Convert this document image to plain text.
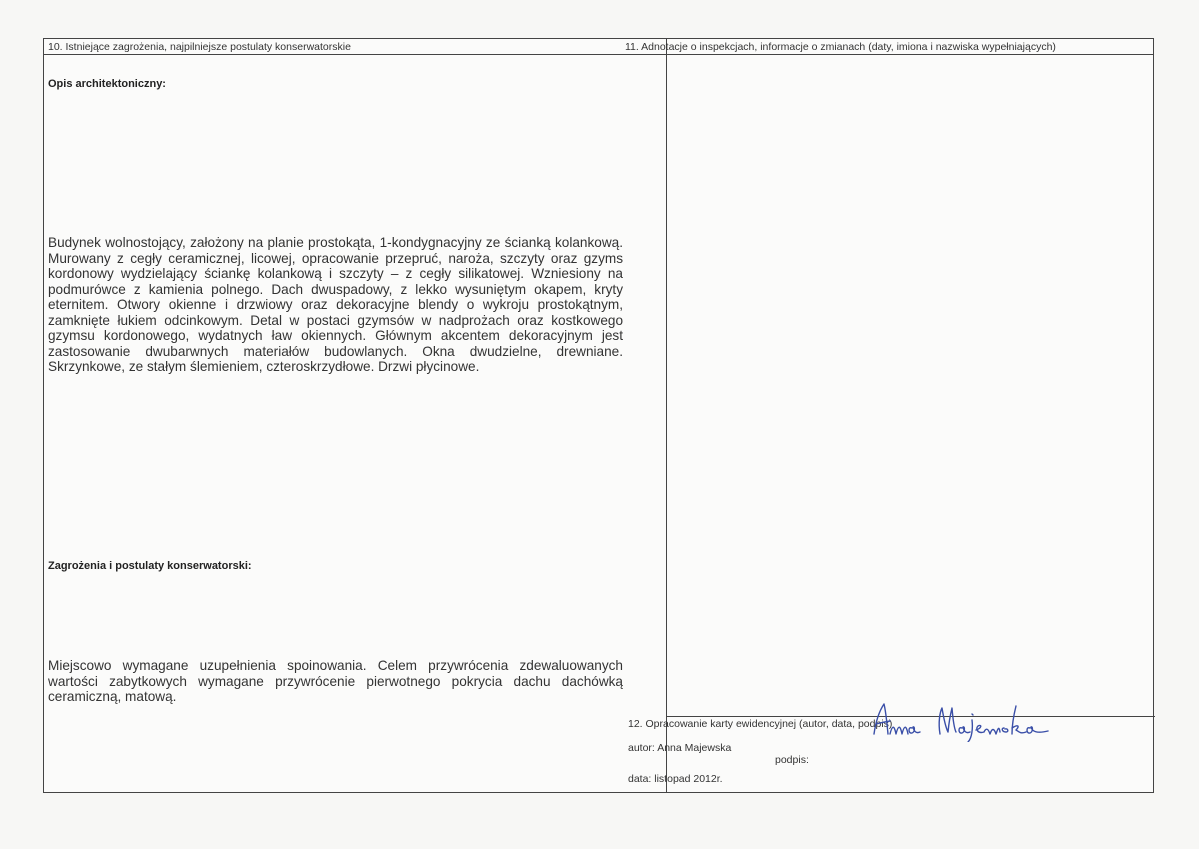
10. Istniejące zagrożenia, najpilniejsze postulaty konserwatorskie
Opis architektoniczny:

Budynek wolnostojący, założony na planie prostokąta, 1-kondygnacyjny ze ścianką kolankową. Murowany z cegły ceramicznej, licowej, opracowanie przepruć, naroża, szczyty oraz gzyms kordonowy wydzielający ściankę kolankową i szczyty – z cegły silikatowej. Wzniesiony na podmurówce z kamienia polnego. Dach dwuspadowy, z lekko wysuniętym okapem, kryty eternitem. Otwory okienne i drzwiowy oraz dekoracyjne blendy o wykroju prostokątnym, zamknięte łukiem odcinkowym. Detal w postaci gzymsów w nadprożach oraz kostkowego gzymsu kordonowego, wydatnych ław okiennych. Głównym akcentem dekoracyjnym jest zastosowanie dwubarwnych materiałów budowlanych. Okna dwudzielne, drewniane. Skrzynkowe, ze stałym ślemieniem, czteroskrzydłowe. Drzwi płycinowe.

Zagrożenia i postulaty konserwatorski:

Miejscowo wymagane uzupełnienia spoinowania. Celem przywrócenia zdewaluowanych wartości zabytkowych wymagane przywrócenie pierwotnego pokrycia dachu dachówką ceramiczną, matową.

11. Adnotacje o inspekcjach, informacje o zmianach (daty, imiona i nazwiska wypełniających)
12. Opracowanie karty ewidencyjnej (autor, data, podpis)
autor: Anna Majewska
podpis:
data: listopad 2012r.
